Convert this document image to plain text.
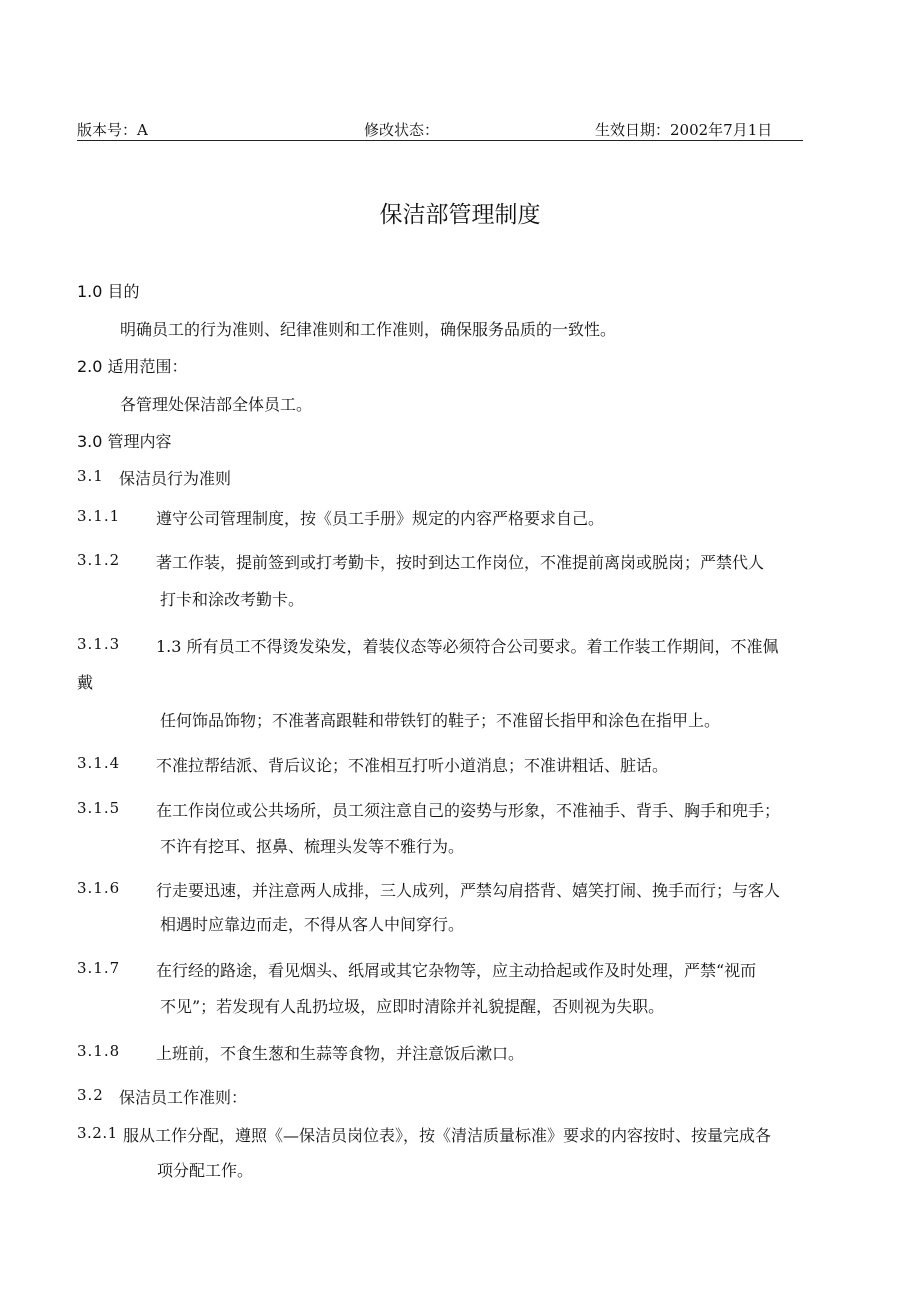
版本号：A	修改状态：	生效日期：2002年7月1日
保洁部管理制度
1.0 目的
明确员工的行为准则、纪律准则和工作准则，确保服务品质的一致性。
2.0 适用范围：
各管理处保洁部全体员工。
3.0 管理内容
3.1 保洁员行为准则
3.1.1 遵守公司管理制度，按《员工手册》规定的内容严格要求自己。
3.1.2 著工作装，提前签到或打考勤卡，按时到达工作岗位，不准提前离岗或脱岗；严禁代人
打卡和涂改考勤卡。
3.1.3 1.3 所有员工不得烫发染发，着装仪态等必须符合公司要求。着工作装工作期间，不准佩
戴
任何饰品饰物；不准著高跟鞋和带铁钉的鞋子；不准留长指甲和涂色在指甲上。
3.1.4 不准拉帮结派、背后议论；不准相互打听小道消息；不准讲粗话、脏话。
3.1.5 在工作岗位或公共场所，员工须注意自己的姿势与形象，不准袖手、背手、胸手和兜手；
不许有挖耳、抠鼻、梳理头发等不雅行为。
3.1.6 行走要迅速，并注意两人成排，三人成列，严禁勾肩搭背、嬉笑打闹、挽手而行；与客人
相遇时应靠边而走，不得从客人中间穿行。
3.1.7 在行经的路途，看见烟头、纸屑或其它杂物等，应主动拾起或作及时处理，严禁“视而
不见”；若发现有人乱扔垃圾，应即时清除并礼貌提醒，否则视为失职。
3.1.8 上班前，不食生葱和生蒜等食物，并注意饭后漱口。
3.2 保洁员工作准则：
3.2.1 服从工作分配，遵照《—保洁员岗位表》，按《清洁质量标准》要求的内容按时、按量完成各
项分配工作。
